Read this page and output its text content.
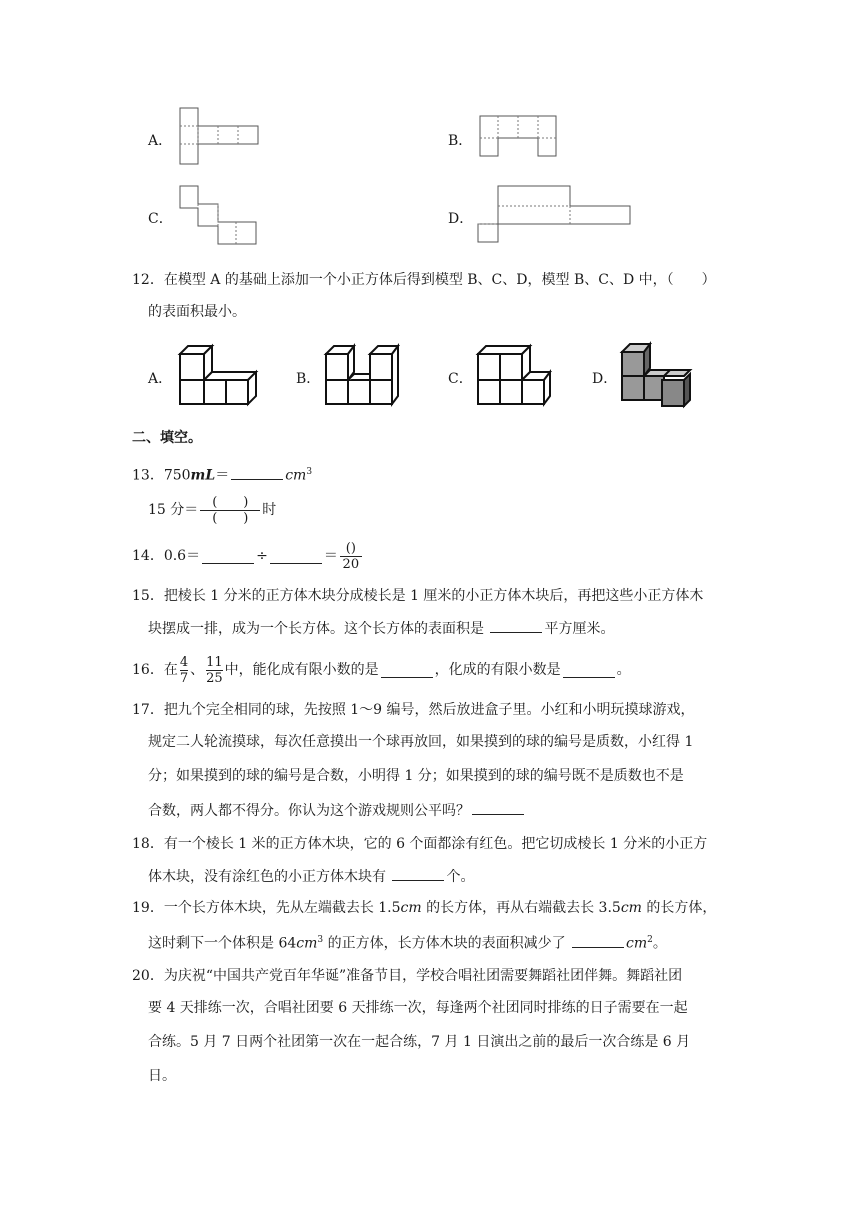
A．	B．
C．	D．
12．在模型 A 的基础上添加一个小正方体后得到模型 B、C、D，模型 B、C、D 中，（　　）
的表面积最小。
A．	B．	C．	D．
二、填空。
13．750mL＝	$cm^3$
15 分＝ $\frac{( )}{( )}$ 时
14．0.6＝	÷	＝ $\frac{()}{20}$
15．把棱长 1 分米的正方体木块分成棱长是 1 厘米的小正方体木块后，再把这些小正方体木
块摆成一排，成为一个长方体。这个长方体的表面积是	平方厘米。
16．在 $\frac{4}{7}$ 、 $\frac{11}{25}$ 中，能化成有限小数的是	，化成的有限小数是	。
17．把九个完全相同的球，先按照 1～9 编号，然后放进盒子里。小红和小明玩摸球游戏，
规定二人轮流摸球，每次任意摸出一个球再放回，如果摸到的球的编号是质数，小红得 1
分；如果摸到的球的编号是合数，小明得 1 分；如果摸到的球的编号既不是质数也不是
合数，两人都不得分。你认为这个游戏规则公平吗？
18．有一个棱长 1 米的正方体木块，它的 6 个面都涂有红色。把它切成棱长 1 分米的小正方
体木块，没有涂红色的小正方体木块有	个。
19．一个长方体木块，先从左端截去长 1.5cm 的长方体，再从右端截去长 3.5cm 的长方体，
这时剩下一个体积是 $64cm^3$ 的正方体，长方体木块的表面积减少了	$cm^2$。
20．为庆祝“中国共产党百年华诞”准备节目，学校合唱社团需要舞蹈社团伴舞。舞蹈社团
要 4 天排练一次，合唱社团要 6 天排练一次，每逢两个社团同时排练的日子需要在一起
合练。5 月 7 日两个社团第一次在一起合练，7 月 1 日演出之前的最后一次合练是 6 月
日。
